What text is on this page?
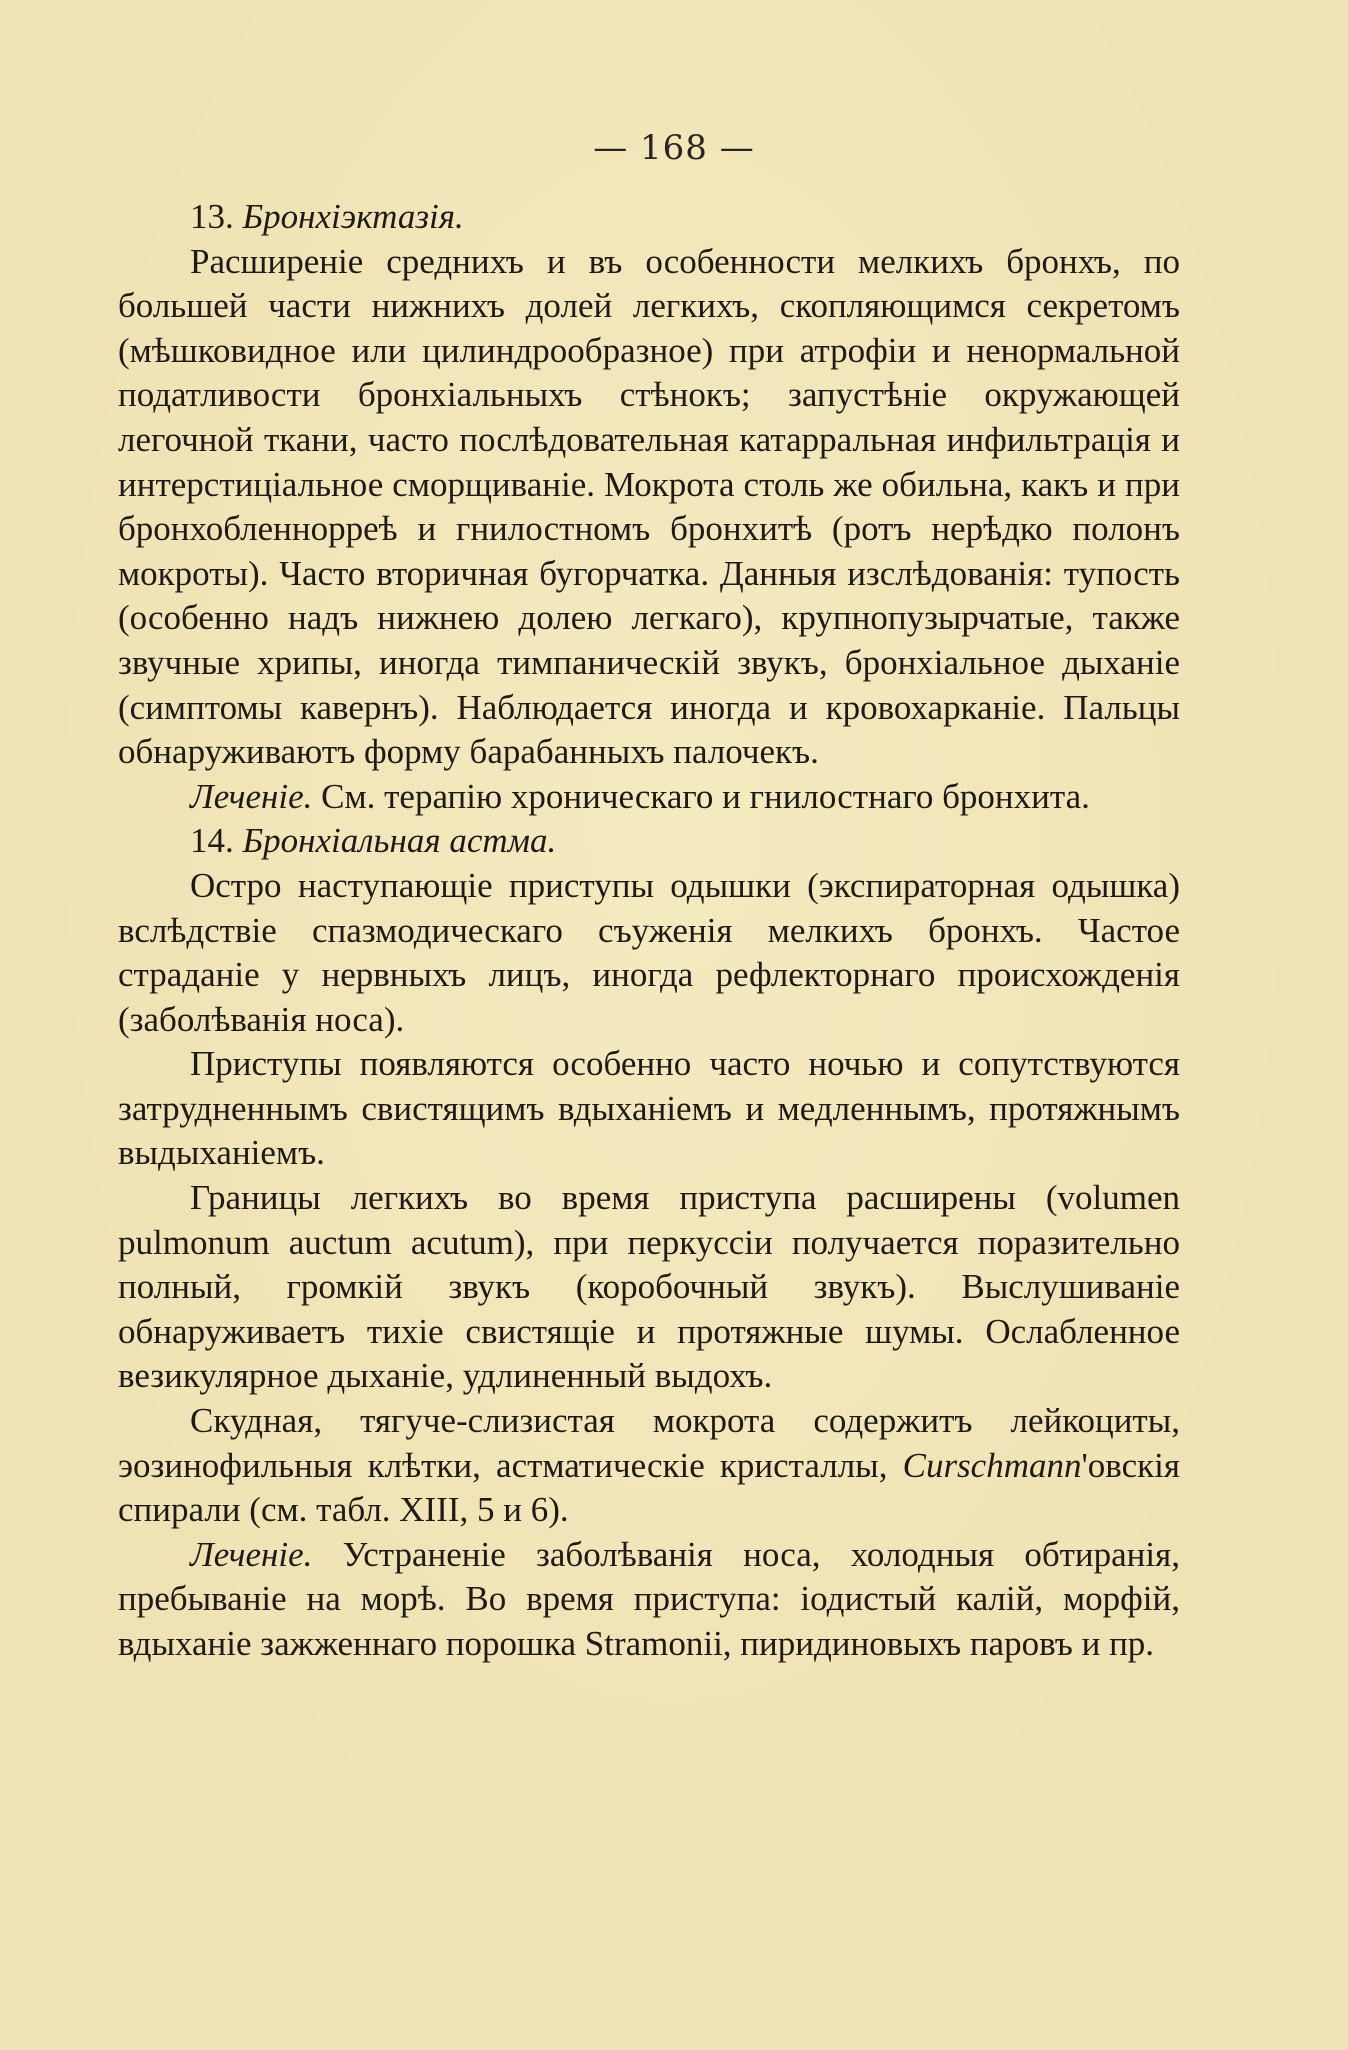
— 168 —

13. Бронхіэктазія.

Расширеніе среднихъ и въ особенности мелкихъ бронхъ, по большей части нижнихъ долей легкихъ, скопляющимся секретомъ (мѣшковидное или цилиндрообразное) при атрофіи и ненормальной податливости бронхіальныхъ стѣнокъ; запустѣніе окружающей легочной ткани, часто послѣдовательная катарральная инфильтрація и интерстиціальное сморщиваніе. Мокрота столь же обильна, какъ и при бронхобленнорреѣ и гнилостномъ бронхитѣ (ротъ нерѣдко полонъ мокроты). Часто вторичная бугорчатка. Данныя изслѣдованія: тупость (особенно надъ нижнею долею легкаго), крупнопузырчатые, также звучные хрипы, иногда тимпаническій звукъ, бронхіальное дыханіе (симптомы кавернъ). Наблюдается иногда и кровохарканіе. Пальцы обнаруживаютъ форму барабанныхъ палочекъ.

Леченіе. См. терапію хроническаго и гнилостнаго бронхита.

14. Бронхіальная астма.

Остро наступающіе приступы одышки (экспираторная одышка) вслѣдствіе спазмодическаго съуженія мелкихъ бронхъ. Частое страданіе у нервныхъ лицъ, иногда рефлекторнаго происхожденія (заболѣванія носа).

Приступы появляются особенно часто ночью и сопутствуются затрудненнымъ свистящимъ вдыханіемъ и медленнымъ, протяжнымъ выдыханіемъ.

Границы легкихъ во время приступа расширены (volumen pulmonum auctum acutum), при перкуссіи получается поразительно полный, громкій звукъ (коробочный звукъ). Выслушиваніе обнаруживаетъ тихіе свистящіе и протяжные шумы. Ослабленное везикулярное дыханіе, удлиненный выдохъ.

Скудная, тягуче-слизистая мокрота содержитъ лейкоциты, эозинофильныя клѣтки, астматическіе кристаллы, Curschmann'овскія спирали (см. табл. XIII, 5 и 6).

Леченіе. Устраненіе заболѣванія носа, холодныя обтиранія, пребываніе на морѣ. Во время приступа: іодистый калій, морфій, вдыханіе зажженнаго порошка Stramonii, пиридиновыхъ паровъ и пр.
